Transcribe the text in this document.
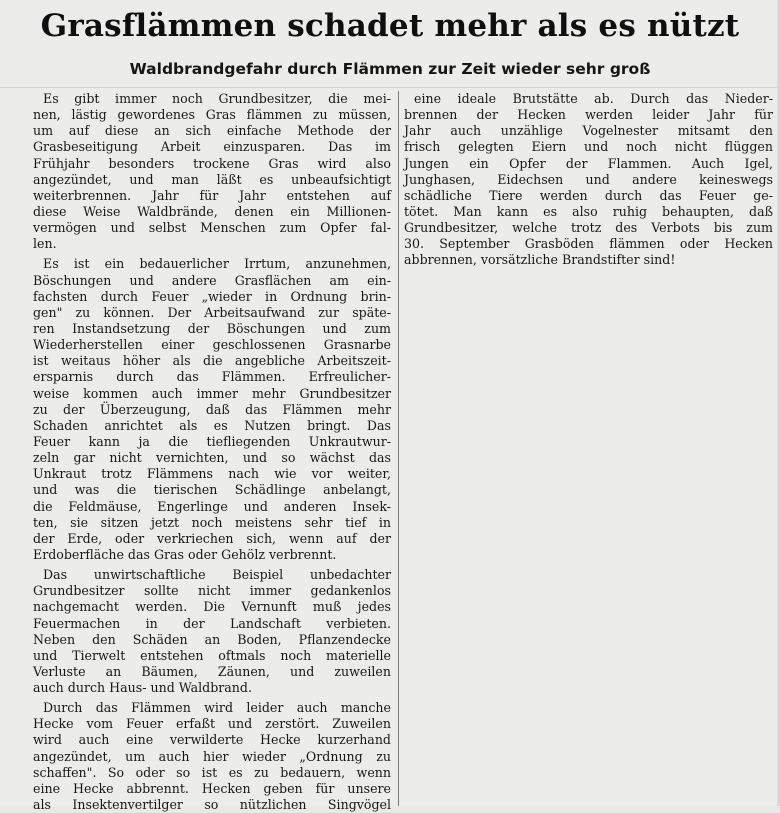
Grasflämmen schadet mehr als es nützt
Waldbrandgefahr durch Flämmen zur Zeit wieder sehr groß
Es gibt immer noch Grundbesitzer, die mei-
nen, lästig gewordenes Gras flämmen zu müssen,
um auf diese an sich einfache Methode der
Grasbeseitigung Arbeit einzusparen. Das im
Frühjahr besonders trockene Gras wird also
angezündet, und man läßt es unbeaufsichtigt
weiterbrennen. Jahr für Jahr entstehen auf
diese Weise Waldbrände, denen ein Millionen-
vermögen und selbst Menschen zum Opfer fal-
len.
Es ist ein bedauerlicher Irrtum, anzunehmen,
Böschungen und andere Grasflächen am ein-
fachsten durch Feuer „wieder in Ordnung brin-
gen" zu können. Der Arbeitsaufwand zur späte-
ren Instandsetzung der Böschungen und zum
Wiederherstellen einer geschlossenen Grasnarbe
ist weitaus höher als die angebliche Arbeitszeit-
ersparnis durch das Flämmen. Erfreulicher-
weise kommen auch immer mehr Grundbesitzer
zu der Überzeugung, daß das Flämmen mehr
Schaden anrichtet als es Nutzen bringt. Das
Feuer kann ja die tiefliegenden Unkrautwur-
zeln gar nicht vernichten, und so wächst das
Unkraut trotz Flämmens nach wie vor weiter,
und was die tierischen Schädlinge anbelangt,
die Feldmäuse, Engerlinge und anderen Insek-
ten, sie sitzen jetzt noch meistens sehr tief in
der Erde, oder verkriechen sich, wenn auf der
Erdoberfläche das Gras oder Gehölz verbrennt.
Das unwirtschaftliche Beispiel unbedachter
Grundbesitzer sollte nicht immer gedankenlos
nachgemacht werden. Die Vernunft muß jedes
Feuermachen in der Landschaft verbieten.
Neben den Schäden an Boden, Pflanzendecke
und Tierwelt entstehen oftmals noch materielle
Verluste an Bäumen, Zäunen, und zuweilen
auch durch Haus- und Waldbrand.
Durch das Flämmen wird leider auch manche
Hecke vom Feuer erfaßt und zerstört. Zuweilen
wird auch eine verwilderte Hecke kurzerhand
angezündet, um auch hier wieder „Ordnung zu
schaffen". So oder so ist es zu bedauern, wenn
eine Hecke abbrennt. Hecken geben für unsere
als Insektenvertilger so nützlichen Singvögel
eine ideale Brutstätte ab. Durch das Nieder-
brennen der Hecken werden leider Jahr für
Jahr auch unzählige Vogelnester mitsamt den
frisch gelegten Eiern und noch nicht flüggen
Jungen ein Opfer der Flammen. Auch Igel,
Junghasen, Eidechsen und andere keineswegs
schädliche Tiere werden durch das Feuer ge-
tötet. Man kann es also ruhig behaupten, daß
Grundbesitzer, welche trotz des Verbots bis zum
30. September Grasböden flämmen oder Hecken
abbrennen, vorsätzliche Brandstifter sind!
